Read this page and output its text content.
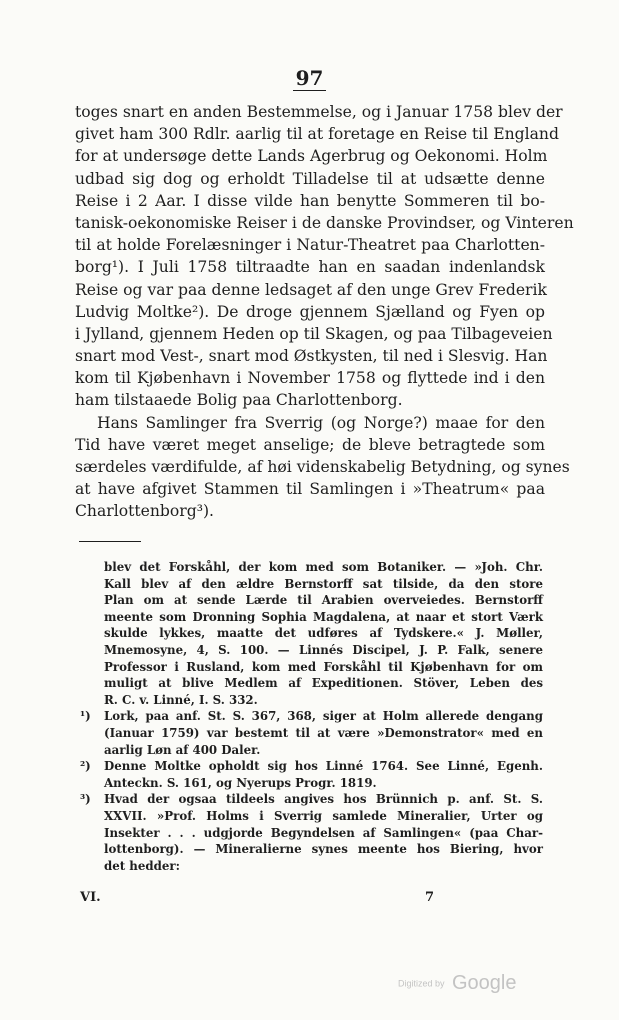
97
toges snart en anden Bestemmelse, og i Januar 1758 blev der
givet ham 300 Rdlr. aarlig til at foretage en Reise til England
for at undersøge dette Lands Agerbrug og Oekonomi. Holm
udbad sig dog og erholdt Tilladelse til at udsætte denne
Reise i 2 Aar. I disse vilde han benytte Sommeren til bo-
tanisk-oekonomiske Reiser i de danske Provindser, og Vinteren
til at holde Forelæsninger i Natur-Theatret paa Charlotten-
borg¹). I Juli 1758 tiltraadte han en saadan indenlandsk
Reise og var paa denne ledsaget af den unge Grev Frederik
Ludvig Moltke²). De droge gjennem Sjælland og Fyen op
i Jylland, gjennem Heden op til Skagen, og paa Tilbageveien
snart mod Vest-, snart mod Østkysten, til ned i Slesvig. Han
kom til Kjøbenhavn i November 1758 og flyttede ind i den
ham tilstaaede Bolig paa Charlottenborg.
Hans Samlinger fra Sverrig (og Norge?) maae for den
Tid have været meget anselige; de bleve betragtede som
særdeles værdifulde, af høi videnskabelig Betydning, og synes
at have afgivet Stammen til Samlingen i »Theatrum« paa
Charlottenborg³).
blev det Forskåhl, der kom med som Botaniker. — »Joh. Chr.
Kall blev af den ældre Bernstorff sat tilside, da den store
Plan om at sende Lærde til Arabien overveiedes. Bernstorff
meente som Dronning Sophia Magdalena, at naar et stort Værk
skulde lykkes, maatte det udføres af Tydskere.« J. Møller,
Mnemosyne, 4, S. 100. — Linnés Discipel, J. P. Falk, senere
Professor i Rusland, kom med Forskåhl til Kjøbenhavn for om
muligt at blive Medlem af Expeditionen. Stöver, Leben des
R. C. v. Linné, I. S. 332.
¹) Lork, paa anf. St. S. 367, 368, siger at Holm allerede dengang
(Ianuar 1759) var bestemt til at være »Demonstrator« med en
aarlig Løn af 400 Daler.
²) Denne Moltke opholdt sig hos Linné 1764. See Linné, Egenh.
Anteckn. S. 161, og Nyerups Progr. 1819.
³) Hvad der ogsaa tildeels angives hos Brünnich p. anf. St. S.
XXVII. »Prof. Holms i Sverrig samlede Mineralier, Urter og
Insekter . . . udgjorde Begyndelsen af Samlingen« (paa Char-
lottenborg). — Mineralierne synes meente hos Biering, hvor
det hedder:
VI.	7
Digitized by Google
